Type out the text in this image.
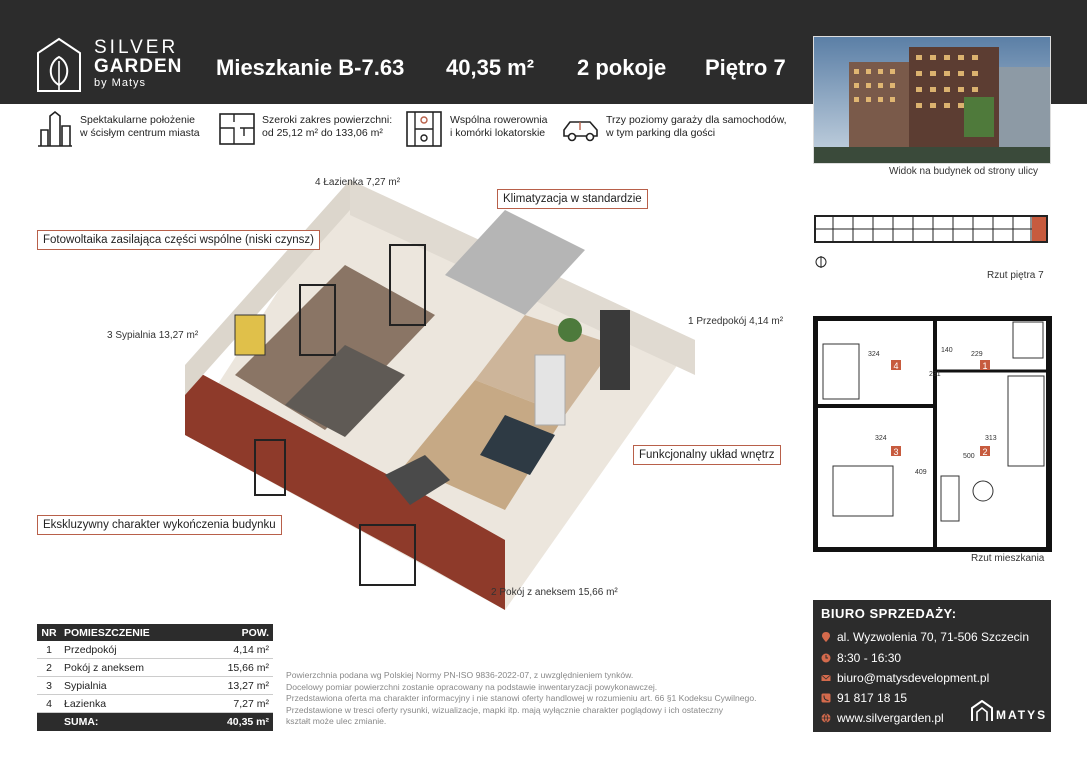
SILVER
GARDEN
by Matys
Mieszkanie B-7.63 40,35 m² 2 pokoje Piętro 7
Widok na budynek od strony ulicy
Spektakularne położenie
w ścisłym centrum miasta
Szeroki zakres powierzchni:
od 25,12 m² do 133,06 m²
Wspólna rowerownia
i komórki lokatorskie
Trzy poziomy garaży dla samochodów,
w tym parking dla gości
4 Łazienka 7,27 m²
Klimatyzacja w standardzie
Fotowoltaika zasilająca części wspólne (niski czynsz)
3 Sypialnia 13,27 m²
1 Przedpokój 4,14 m²
Funkcjonalny układ wnętrz
Ekskluzywny charakter wykończenia budynku
2 Pokój z aneksem 15,66 m²
Rzut piętra 7
4	1
3	2
324
140
229
231
324	313
500
409
Rzut mieszkania
NR POMIESZCZENIE	POW.
1	Przedpokój	4,14 m²
2	Pokój z aneksem	15,66 m²
3	Sypialnia	13,27 m²
4	Łazienka	7,27 m²
SUMA:	40,35 m²
Powierzchnia podana wg Polskiej Normy PN-ISO 9836-2022-07, z uwzględnieniem tynków.
Docelowy pomiar powierzchni zostanie opracowany na podstawie inwentaryzacji powykonawczej.
Przedstawiona oferta ma charakter informacyjny i nie stanowi oferty handlowej w rozumieniu art. 66 §1 Kodeksu Cywilnego.
Przedstawione w tresci oferty rysunki, wizualizacje, mapki itp. mają wyłącznie charakter poglądowy i ich ostateczny
kształt może ulec zmianie.
BIURO SPRZEDAŻY:
al. Wyzwolenia 70, 71-506 Szczecin
8:30 - 16:30
biuro@matysdevelopment.pl
91 817 18 15
www.silvergarden.pl	MATYS
